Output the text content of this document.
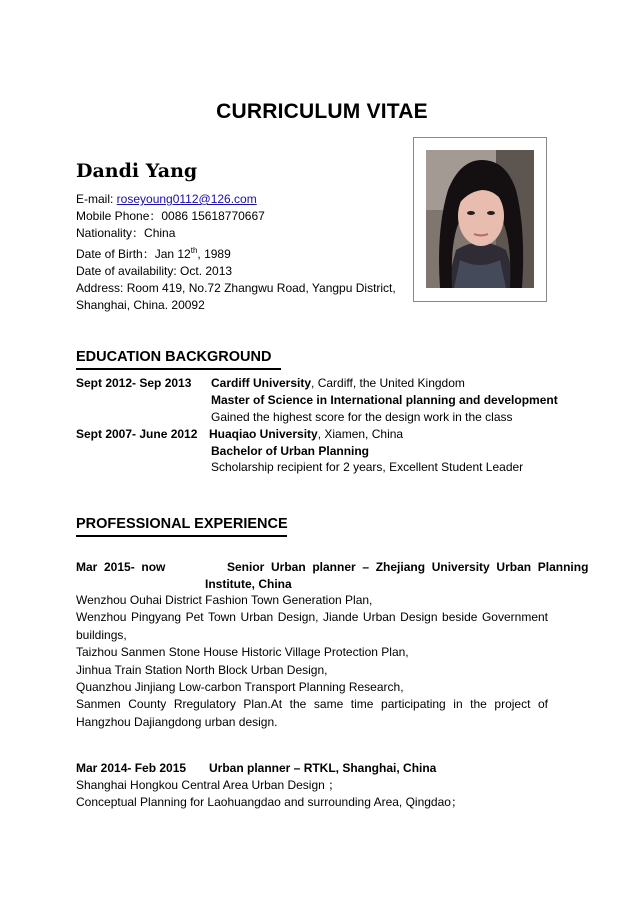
CURRICULUM VITAE
Dandi Yang
E-mail: roseyoung0112@126.com
Mobile Phone：0086 15618770667
Nationality：China
Date of Birth：Jan 12th, 1989
Date of availability: Oct. 2013
Address: Room 419, No.72 Zhangwu Road, Yangpu District,
Shanghai, China. 20092
EDUCATION BACKGROUND
Sept 2012- Sep 2013 Cardiff University, Cardiff, the United Kingdom
Master of Science in International planning and development
Gained the highest score for the design work in the class
Sept 2007- June 2012 Huaqiao University, Xiamen, China
Bachelor of Urban Planning
Scholarship recipient for 2 years, Excellent Student Leader
PROFESSIONAL EXPERIENCE
Mar  2015-  now	Senior  Urban  planner  –  Zhejiang  University  Urban  Planning
Institute, China
Wenzhou Ouhai District Fashion Town Generation Plan,
Wenzhou Pingyang Pet Town Urban Design, Jiande Urban Design beside Government buildings,
Taizhou Sanmen Stone House Historic Village Protection Plan,
Jinhua Train Station North Block Urban Design,
Quanzhou Jinjiang Low-carbon Transport Planning Research,
Sanmen County Rregulatory Plan.At the same time participating in the project of Hangzhou Dajiangdong urban design.
Mar 2014- Feb 2015 Urban planner – RTKL, Shanghai, China
Shanghai Hongkou Central Area Urban Design ；
Conceptual Planning for Laohuangdao and surrounding Area, Qingdao；
